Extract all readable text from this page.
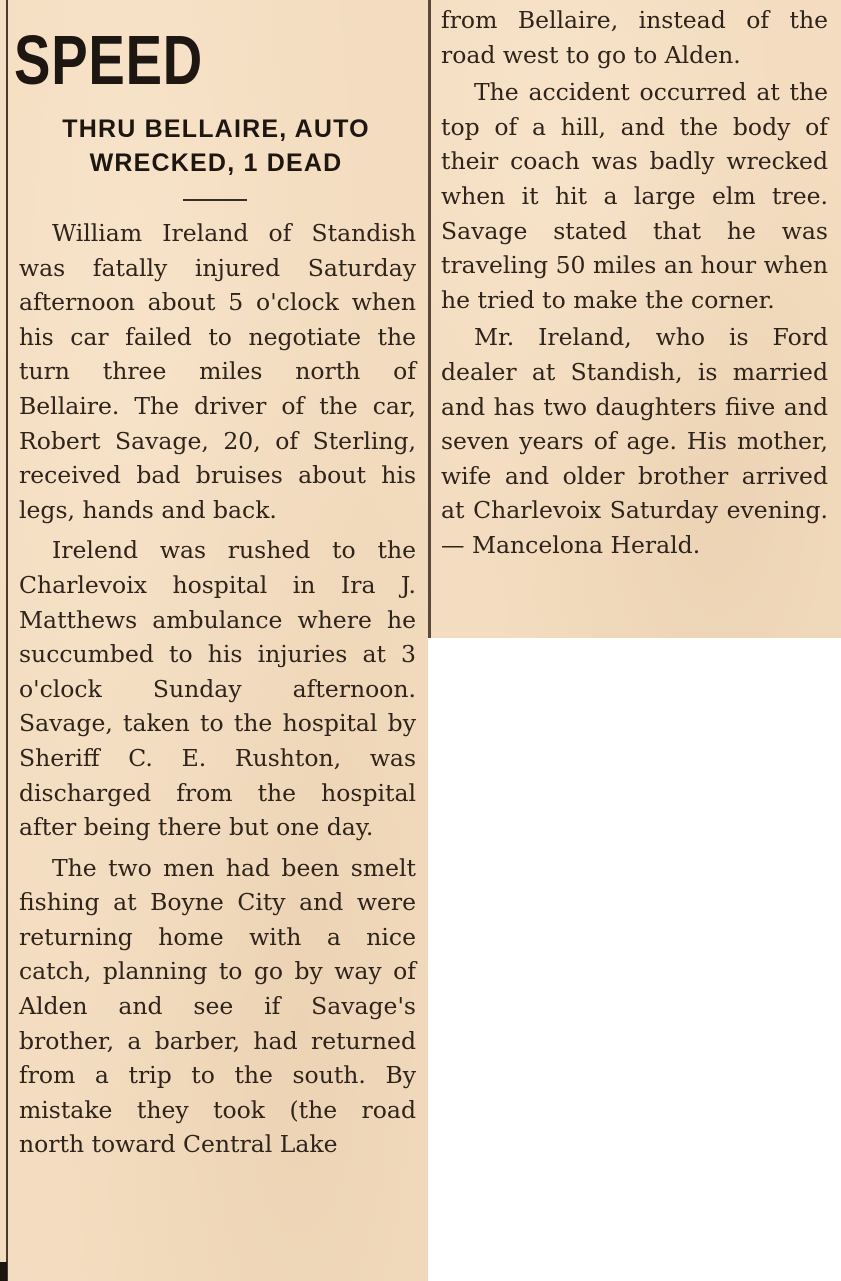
SPEED
THRU BELLAIRE, AUTO WRECKED, 1 DEAD

William Ireland of Standish was fatally injured Saturday afternoon about 5 o'clock when his car failed to negotiate the turn three miles north of Bellaire. The driver of the car, Robert Savage, 20, of Sterling, received bad bruises about his legs, hands and back.

Irelend was rushed to the Charlevoix hospital in Ira J. Matthews ambulance where he succumbed to his injuries at 3 o'clock Sunday afternoon. Savage, taken to the hospital by Sheriff C. E. Rushton, was discharged from the hospital after being there but one day.

The two men had been smelt fishing at Boyne City and were returning home with a nice catch, planning to go by way of Alden and see if Savage's brother, a barber, had returned from a trip to the south. By mistake they took (the road north toward Central Lake

from Bellaire, instead of the road west to go to Alden.

The accident occurred at the top of a hill, and the body of their coach was badly wrecked when it hit a large elm tree. Savage stated that he was traveling 50 miles an hour when he tried to make the corner.

Mr. Ireland, who is Ford dealer at Standish, is married and has two daughters fiive and seven years of age. His mother, wife and older brother arrived at Charlevoix Saturday evening.— Mancelona Herald.
